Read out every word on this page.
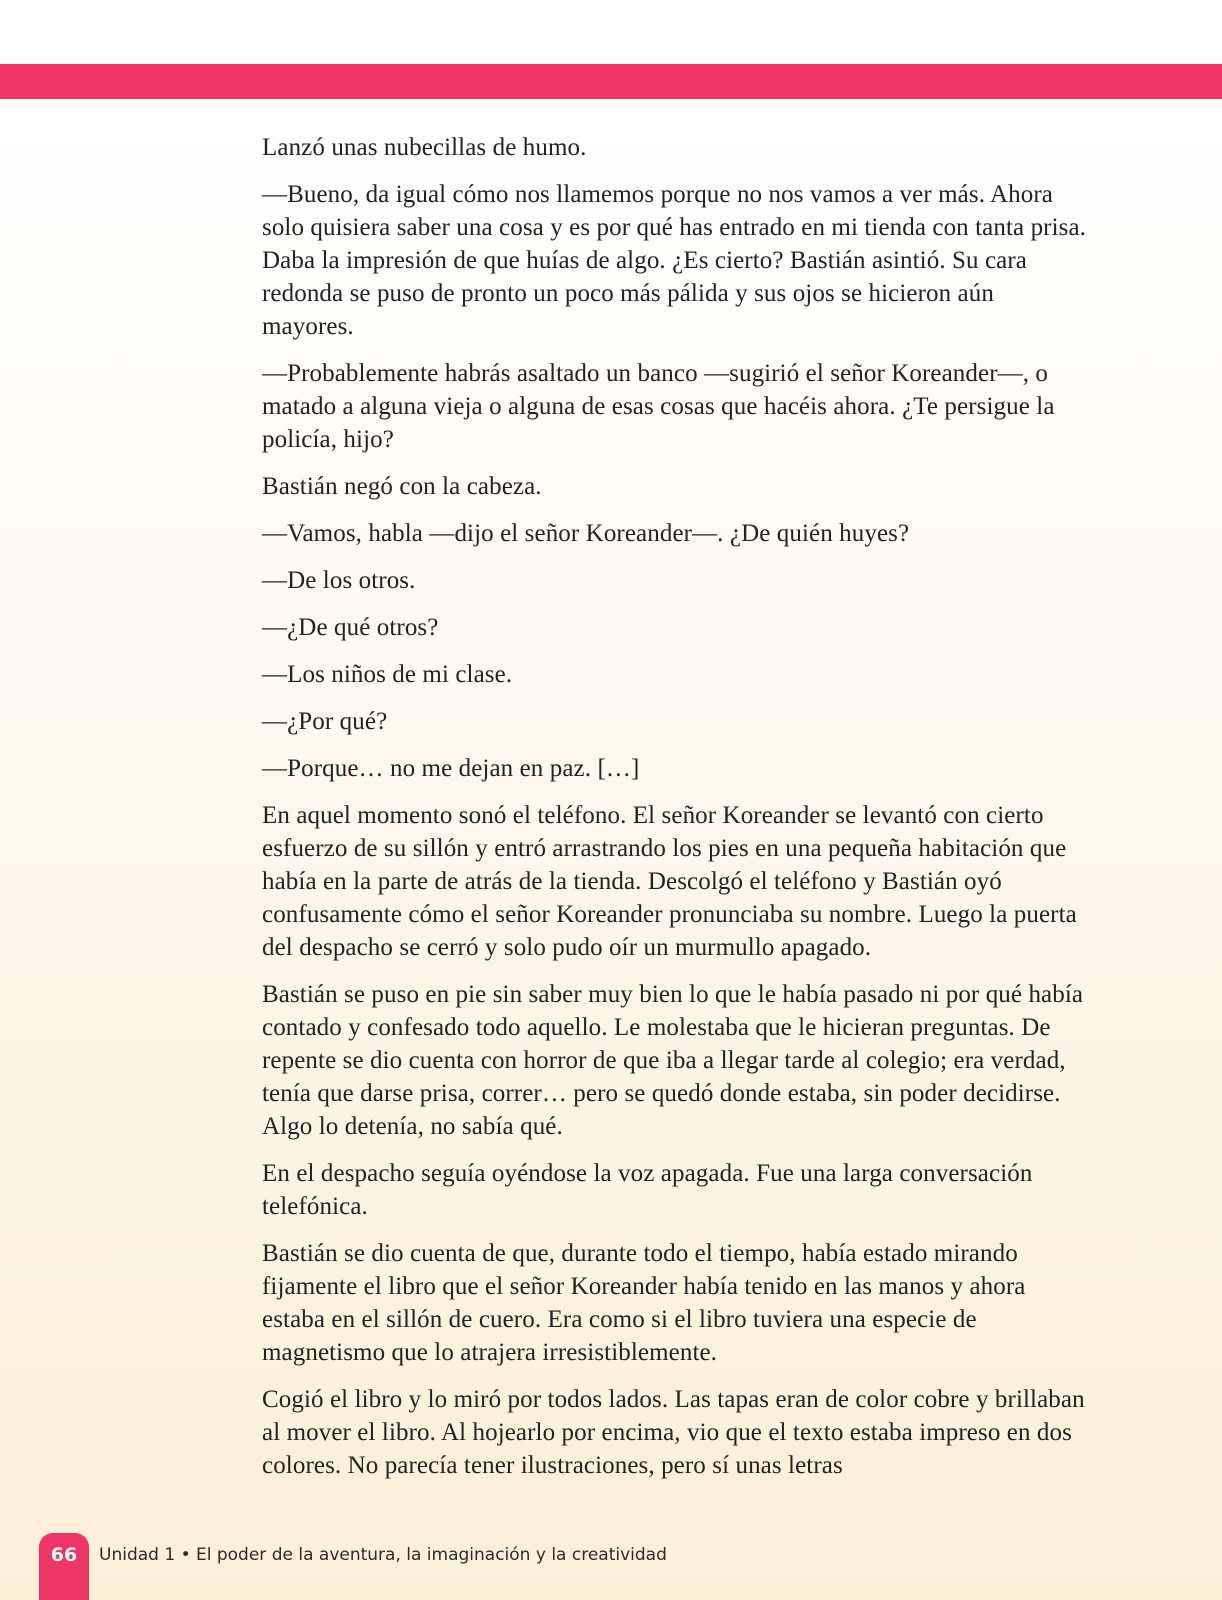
Lanzó unas nubecillas de humo.

—Bueno, da igual cómo nos llamemos porque no nos vamos a ver más. Ahora solo quisiera saber una cosa y es por qué has entrado en mi tienda con tanta prisa. Daba la impresión de que huías de algo. ¿Es cierto? Bastián asintió. Su cara redonda se puso de pronto un poco más pálida y sus ojos se hicieron aún mayores.

—Probablemente habrás asaltado un banco —sugirió el señor Koreander—, o matado a alguna vieja o alguna de esas cosas que hacéis ahora. ¿Te persigue la policía, hijo?

Bastián negó con la cabeza.

—Vamos, habla —dijo el señor Koreander—. ¿De quién huyes?

—De los otros.

—¿De qué otros?

—Los niños de mi clase.

—¿Por qué?

—Porque… no me dejan en paz. […]

En aquel momento sonó el teléfono. El señor Koreander se levantó con cierto esfuerzo de su sillón y entró arrastrando los pies en una pequeña habitación que había en la parte de atrás de la tienda. Descolgó el teléfono y Bastián oyó confusamente cómo el señor Koreander pronunciaba su nombre. Luego la puerta del despacho se cerró y solo pudo oír un murmullo apagado.

Bastián se puso en pie sin saber muy bien lo que le había pasado ni por qué había contado y confesado todo aquello. Le molestaba que le hicieran preguntas. De repente se dio cuenta con horror de que iba a llegar tarde al colegio; era verdad, tenía que darse prisa, correr… pero se quedó donde estaba, sin poder decidirse. Algo lo detenía, no sabía qué.

En el despacho seguía oyéndose la voz apagada. Fue una larga conversación telefónica.

Bastián se dio cuenta de que, durante todo el tiempo, había estado mirando fijamente el libro que el señor Koreander había tenido en las manos y ahora estaba en el sillón de cuero. Era como si el libro tuviera una especie de magnetismo que lo atrajera irresistiblemente.

Cogió el libro y lo miró por todos lados. Las tapas eran de color cobre y brillaban al mover el libro. Al hojearlo por encima, vio que el texto estaba impreso en dos colores. No parecía tener ilustraciones, pero sí unas letras

66	Unidad 1 • El poder de la aventura, la imaginación y la creatividad
